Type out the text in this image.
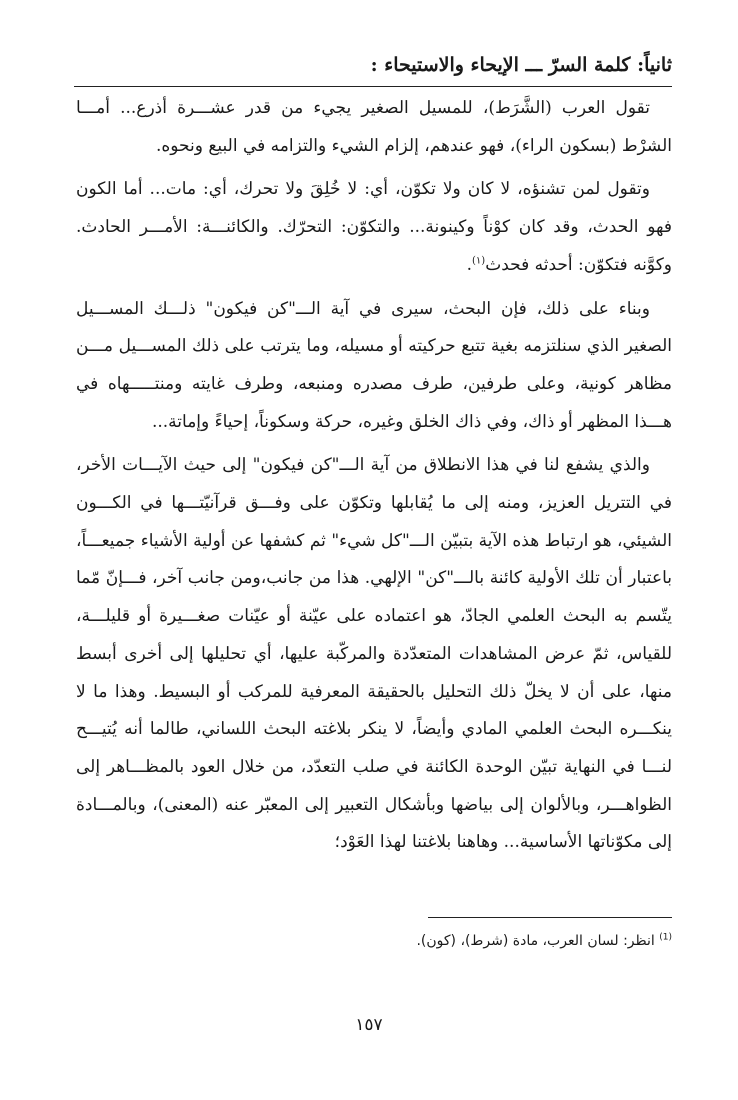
ثانياً: كلمة السرّ ـــ الإيحاء والاستيحاء :

تقول العرب (الشَّرَط)، للمسيل الصغير يجيء من قدر عشـــرة أذرع... أمـــا الشرْط (بسكون الراء)، فهو عندهم، إلزام الشيء والتزامه في البيع ونحوه.

وتقول لمن تشنؤه، لا كان ولا تكوّن، أي: لا خُلِقَ ولا تحرك، أي: مات... أما الكون فهو الحدث، وقد كان كوْناً وكينونة... والتكوّن: التحرّك. والكائنـــة: الأمـــر الحادث. وكوَّنه فتكوّن: أحدثه فحدث$^{(١)}$.

وبناء على ذلك، فإن البحث، سيرى في آية الـــ"كن فيكون" ذلـــك المســـيل الصغير الذي سنلتزمه بغية تتبع حركيته أو مسيله، وما يترتب على ذلك المســـيل مـــن مظاهر كونية، وعلى طرفين، طرف مصدره ومنبعه، وطرف غايته ومنتـــــهاه في هـــذا المظهر أو ذاك، وفي ذاك الخلق وغيره، حركة وسكوناً، إحياءً وإماتة...

والذي يشفع لنا في هذا الانطلاق من آية الـــ"كن فيكون" إلى حيث الآيـــات الأخر، في التتريل العزيز، ومنه إلى ما يُقابلها وتكوّن على وفـــق قرآنيّتـــها في الكـــون الشيئي، هو ارتباط هذه الآية بتبيّن الـــ"كل شيء" ثم كشفها عن أولية الأشياء جميعـــاً، باعتبار أن تلك الأولية كائنة بالـــ"كن" الإلهي. هذا من جانب،ومن جانب آخر، فـــإنّ مّما يتّسم به البحث العلمي الجادّ، هو اعتماده على عيّنة أو عيّنات صغـــيرة أو قليلـــة، للقياس، ثمّ عرض المشاهدات المتعدّدة والمركّبة عليها، أي تحليلها إلى أخرى أبسط منها، على أن لا يخلّ ذلك التحليل بالحقيقة المعرفية للمركب أو البسيط. وهذا ما لا ينكـــره البحث العلمي المادي وأيضاً، لا ينكر بلاغته البحث اللساني، طالما أنه يُتيـــح لنـــا في النهاية تبيّن الوحدة الكائنة في صلب التعدّد، من خلال العود بالمظـــاهر إلى الظواهـــر، وبالألوان إلى بياضها وبأشكال التعبير إلى المعبّر عنه (المعنى)، وبالمـــادة إلى مكوّناتها الأساسية... وهاهنا بلاغتنا لهذا العَوْد؛

$^{(1)}$ انظر: لسان العرب، مادة (شرط)، (كون).
١٥٧
